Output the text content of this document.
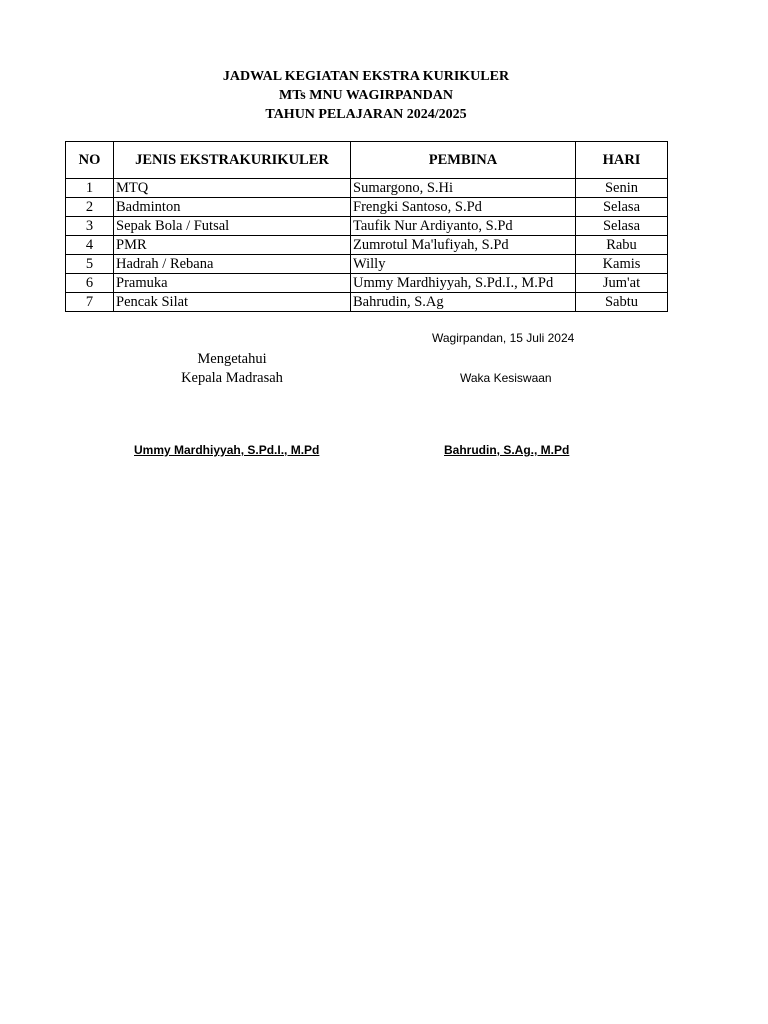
JADWAL KEGIATAN EKSTRA KURIKULER
MTs MNU WAGIRPANDAN
TAHUN PELAJARAN 2024/2025
NO	JENIS EKSTRAKURIKULER	PEMBINA	HARI
1	MTQ	Sumargono, S.Hi	Senin
2	Badminton	Frengki Santoso, S.Pd	Selasa
3	Sepak Bola / Futsal	Taufik Nur Ardiyanto, S.Pd	Selasa
4	PMR	Zumrotul Ma'lufiyah, S.Pd	Rabu
5	Hadrah / Rebana	Willy	Kamis
6	Pramuka	Ummy Mardhiyyah, S.Pd.I., M.Pd	Jum'at
7	Pencak Silat	Bahrudin, S.Ag	Sabtu
Wagirpandan, 15 Juli 2024
Mengetahui
Kepala Madrasah	Waka Kesiswaan
Ummy Mardhiyyah, S.Pd.I., M.Pd	Bahrudin, S.Ag., M.Pd
